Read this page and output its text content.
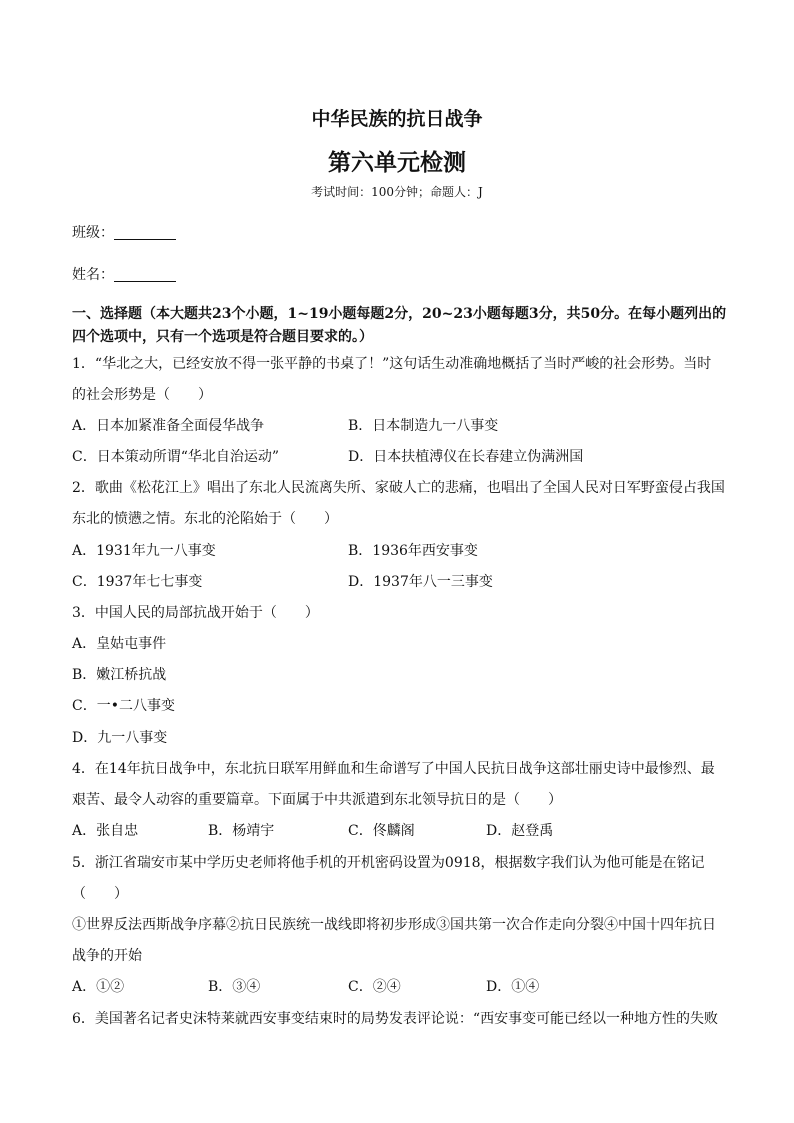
中华民族的抗日战争
第六单元检测
考试时间：100分钟；命题人：J
班级：
姓名：
一、选择题（本大题共23个小题，1~19小题每题2分，20~23小题每题3分，共50分。在每小题列出的四个选项中，只有一个选项是符合题目要求的。）
1．“华北之大，已经安放不得一张平静的书桌了！”这句话生动准确地概括了当时严峻的社会形势。当时
的社会形势是（　　）
A．日本加紧准备全面侵华战争	B．日本制造九一八事变
C．日本策动所谓“华北自治运动”	D．日本扶植溥仪在长春建立伪满洲国
2．歌曲《松花江上》唱出了东北人民流离失所、家破人亡的悲痛，也唱出了全国人民对日军野蛮侵占我国
东北的愤懑之情。东北的沦陷始于（　　）
A．1931年九一八事变	B．1936年西安事变
C．1937年七七事变	D．1937年八一三事变
3．中国人民的局部抗战开始于（　　）
A．皇姑屯事件
B．嫩江桥抗战
C．一•二八事变
D．九一八事变
4．在14年抗日战争中，东北抗日联军用鲜血和生命谱写了中国人民抗日战争这部壮丽史诗中最惨烈、最
艰苦、最令人动容的重要篇章。下面属于中共派遣到东北领导抗日的是（　　）
A．张自忠	B．杨靖宇	C．佟麟阁	D．赵登禹
5．浙江省瑞安市某中学历史老师将他手机的开机密码设置为0918，根据数字我们认为他可能是在铭记
（　　）
①世界反法西斯战争序幕②抗日民族统一战线即将初步形成③国共第一次合作走向分裂④中国十四年抗日
战争的开始
A．①②	B．③④	C．②④	D．①④
6．美国著名记者史沫特莱就西安事变结束时的局势发表评论说：“西安事变可能已经以一种地方性的失败
